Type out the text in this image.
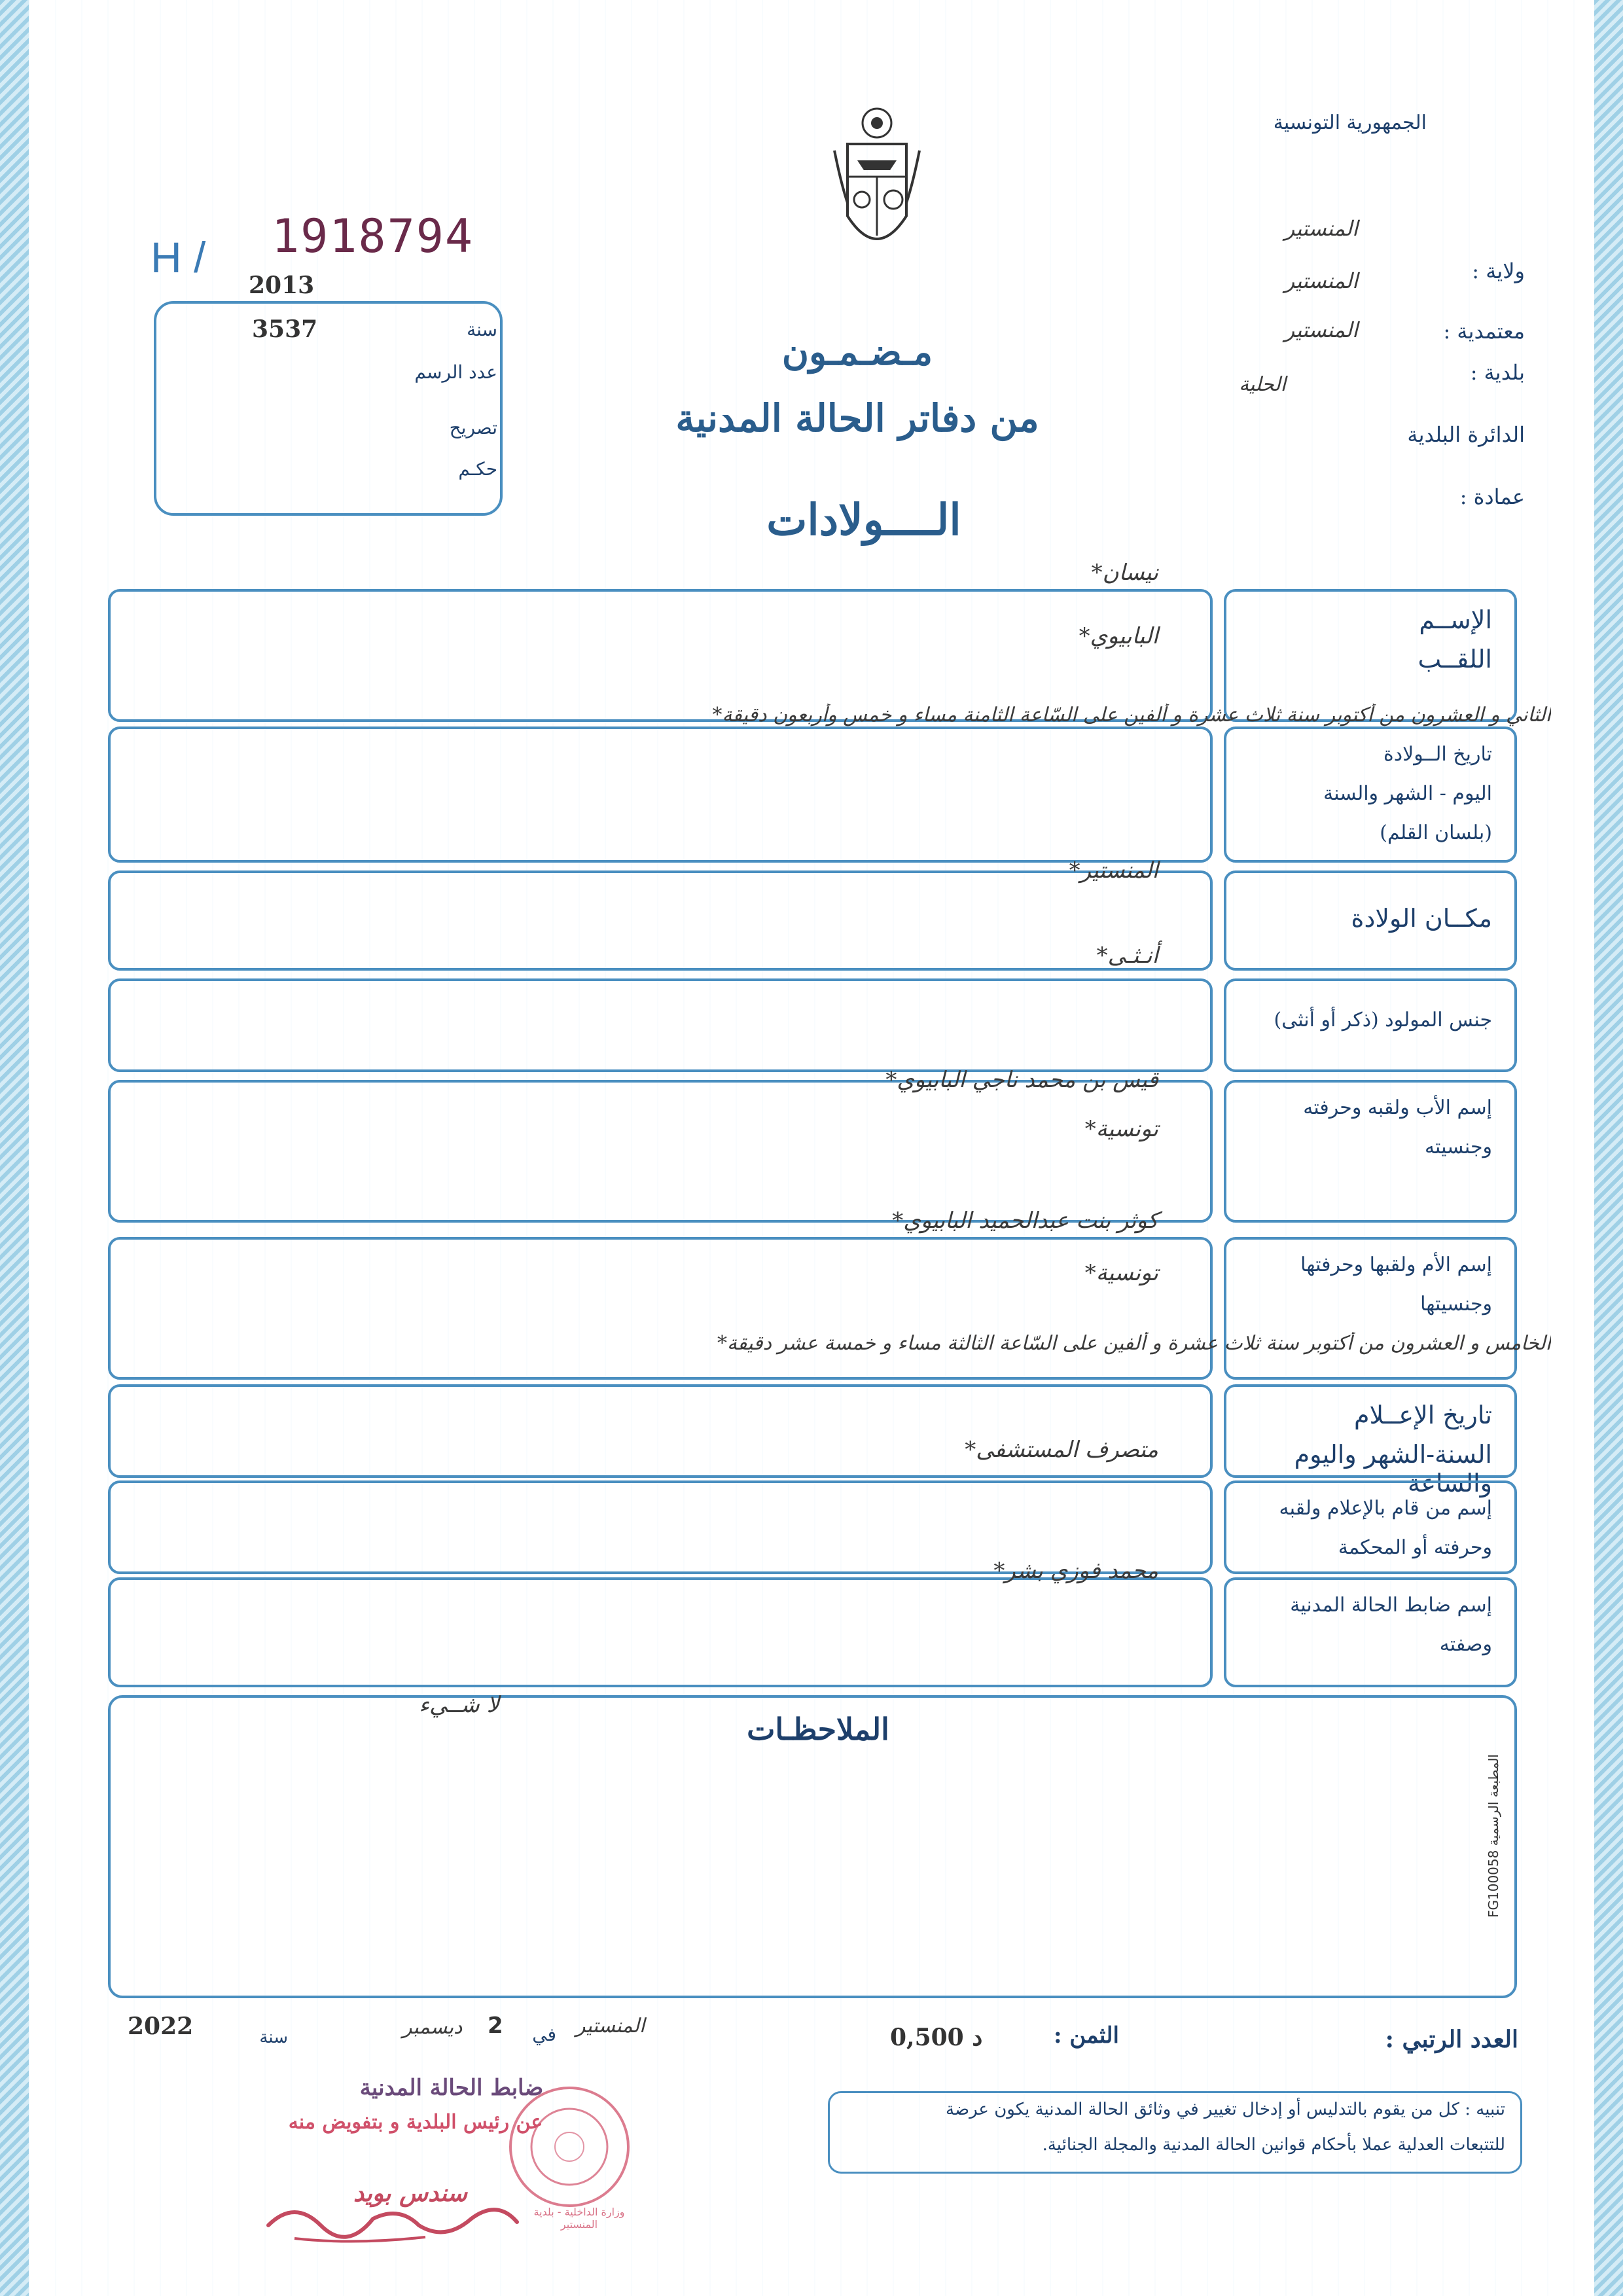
الجمهورية التونسية
المنستير
ولاية :
المنستير
معتمدية :
المنستير
بلدية :
الحلية
الدائرة البلدية
عمادة :
H / 1918794
2013
3537	سنة
عدد الرسم
تصريح
حكـم
مـضـمـون
من دفاتر الحالة المدنية
الــــولادات
الإســم
اللقــب
نيسان*
البابيوي*
تاريخ الــولادة
اليوم - الشهر والسنة
(بلسان القلم)
الثاني و العشرون من أكتوبر سنة ثلاث عشرة و ألفين على السّاعة الثامنة مساء و خمس وأربعون دقيقة*
مكــان الولادة
المنستير*
جنس المولود (ذكر أو أنثى)
أنـثـى*
إسم الأب ولقبه وحرفته
وجنسيته
قيس بن محمد ناجي البابيوي*
تونسية*
إسم الأم ولقبها وحرفتها
وجنسيتها
كوثر بنت عبدالحميد البابيوي*
تونسية*
تاريخ الإعــلام
السنة-الشهر واليوم والساعة
الخامس و العشرون من أكتوبر سنة ثلاث عشرة و ألفين على السّاعة الثالثة مساء و خمسة عشر دقيقة*
إسم من قام بالإعلام ولقبه
وحرفته أو المحكمة
متصرف المستشفى*
إسم ضابط الحالة المدنية
وصفته
محمد فوزي بشر*
الملاحظـات
لا شــيء
المطبعة الرسمية FG100058
العدد الرتبي :
الثمن :
0,500 د
المنستير
في
2
ديسمبر
سنة
2022
ضابط الحالة المدنية
عن رئيس البلدية و بتفويض منه
وزارة الداخلية - بلدية المنستير
سندس بويد
تنبيه : كل من يقوم بالتدليس أو إدخال تغيير في وثائق الحالة المدنية يكون عرضة
للتتبعات العدلية عملا بأحكام قوانين الحالة المدنية والمجلة الجنائية.
